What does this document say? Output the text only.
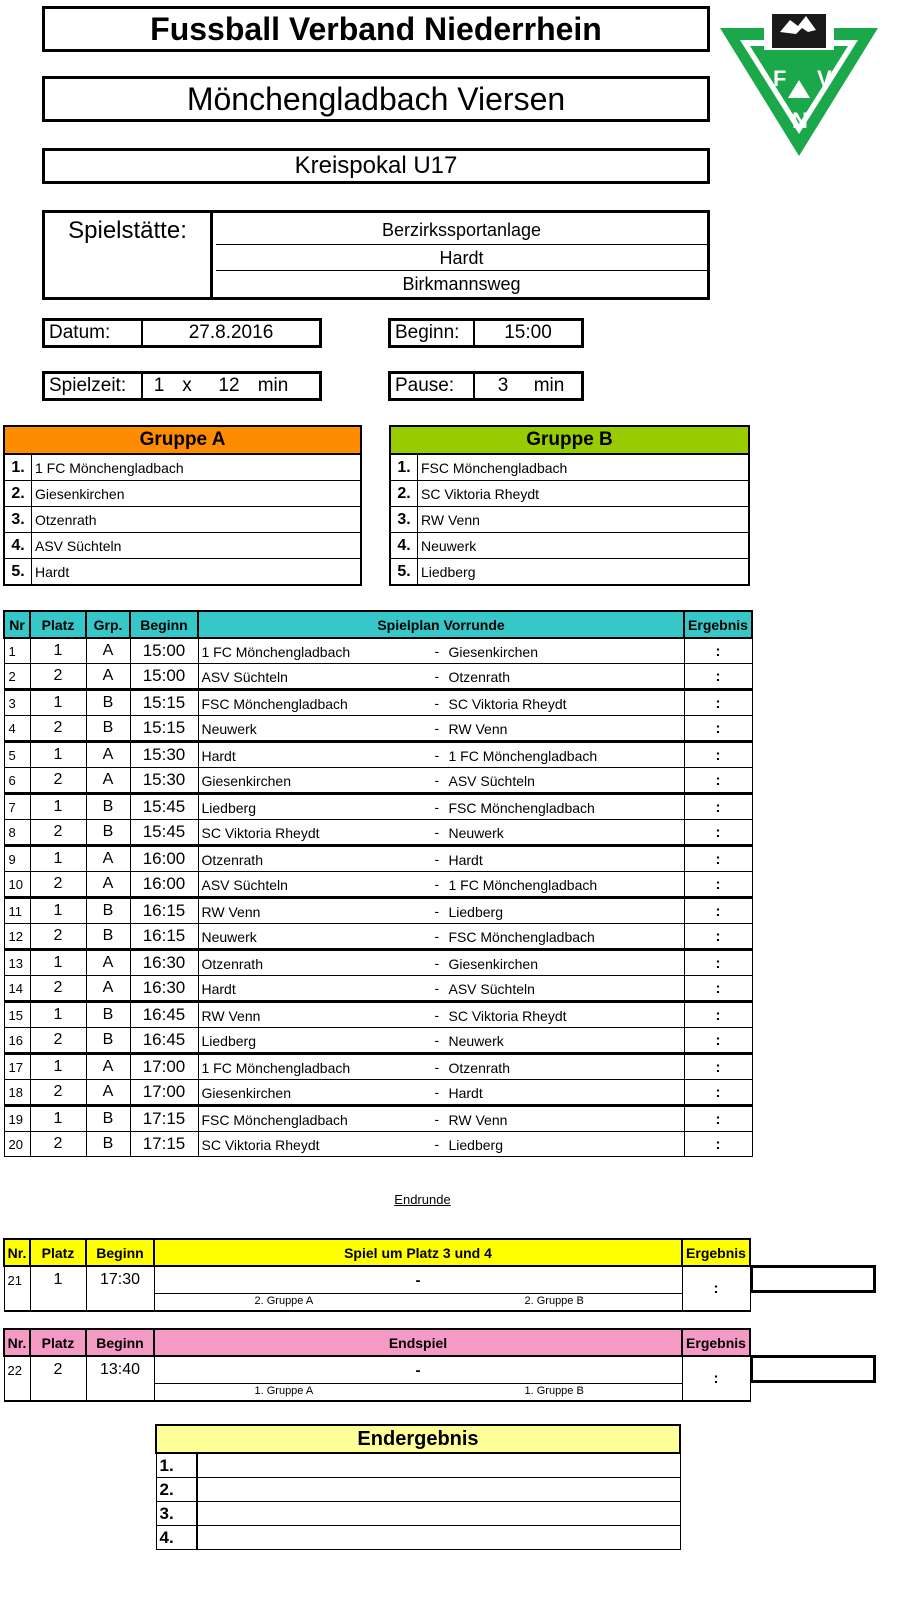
Fussball Verband Niederrhein
Mönchengladbach Viersen
Kreispokal U17
F V
N
Spielstätte:	Berzirkssportanlage
Hardt
Birkmannsweg
Datum:	27.8.2016	Beginn:	15:00
Spielzeit:	1 x	12 min	Pause:	3	min
Gruppe A
1. 1 FC Mönchengladbach
2. Giesenkirchen
3. Otzenrath
4. ASV Süchteln
5. Hardt
Gruppe B
1. FSC Mönchengladbach
2. SC Viktoria Rheydt
3. RW Venn
4. Neuwerk
5. Liedberg
Nr	Platz	Grp.	Beginn	Spielplan Vorrunde	Ergebnis
1	1	A	15:00	1 FC Mönchengladbach - Giesenkirchen	:
2	2	A	15:00	ASV Süchteln - Otzenrath	:
3	1	B	15:15	FSC Mönchengladbach - SC Viktoria Rheydt	:
4	2	B	15:15	Neuwerk - RW Venn	:
5	1	A	15:30	Hardt - 1 FC Mönchengladbach	:
6	2	A	15:30	Giesenkirchen - ASV Süchteln	:
7	1	B	15:45	Liedberg - FSC Mönchengladbach	:
8	2	B	15:45	SC Viktoria Rheydt - Neuwerk	:
9	1	A	16:00	Otzenrath - Hardt	:
10	2	A	16:00	ASV Süchteln - 1 FC Mönchengladbach	:
11	1	B	16:15	RW Venn - Liedberg	:
12	2	B	16:15	Neuwerk - FSC Mönchengladbach	:
13	1	A	16:30	Otzenrath - Giesenkirchen	:
14	2	A	16:30	Hardt - ASV Süchteln	:
15	1	B	16:45	RW Venn - SC Viktoria Rheydt	:
16	2	B	16:45	Liedberg - Neuwerk	:
17	1	A	17:00	1 FC Mönchengladbach - Otzenrath	:
18	2	A	17:00	Giesenkirchen - Hardt	:
19	1	B	17:15	FSC Mönchengladbach - RW Venn	:
20	2	B	17:15	SC Viktoria Rheydt - Liedberg	:
Endrunde
Nr.	Platz	Beginn	Spiel um Platz 3 und 4	Ergebnis
21	1	17:30	-	:

			2. Gruppe A 2. Gruppe B	
Nr.	Platz	Beginn	Endspiel	Ergebnis
22	2	13:40	-	:

			1. Gruppe A 1. Gruppe B	
Endergebnis	
1.	
2.	
3.	
4.	
